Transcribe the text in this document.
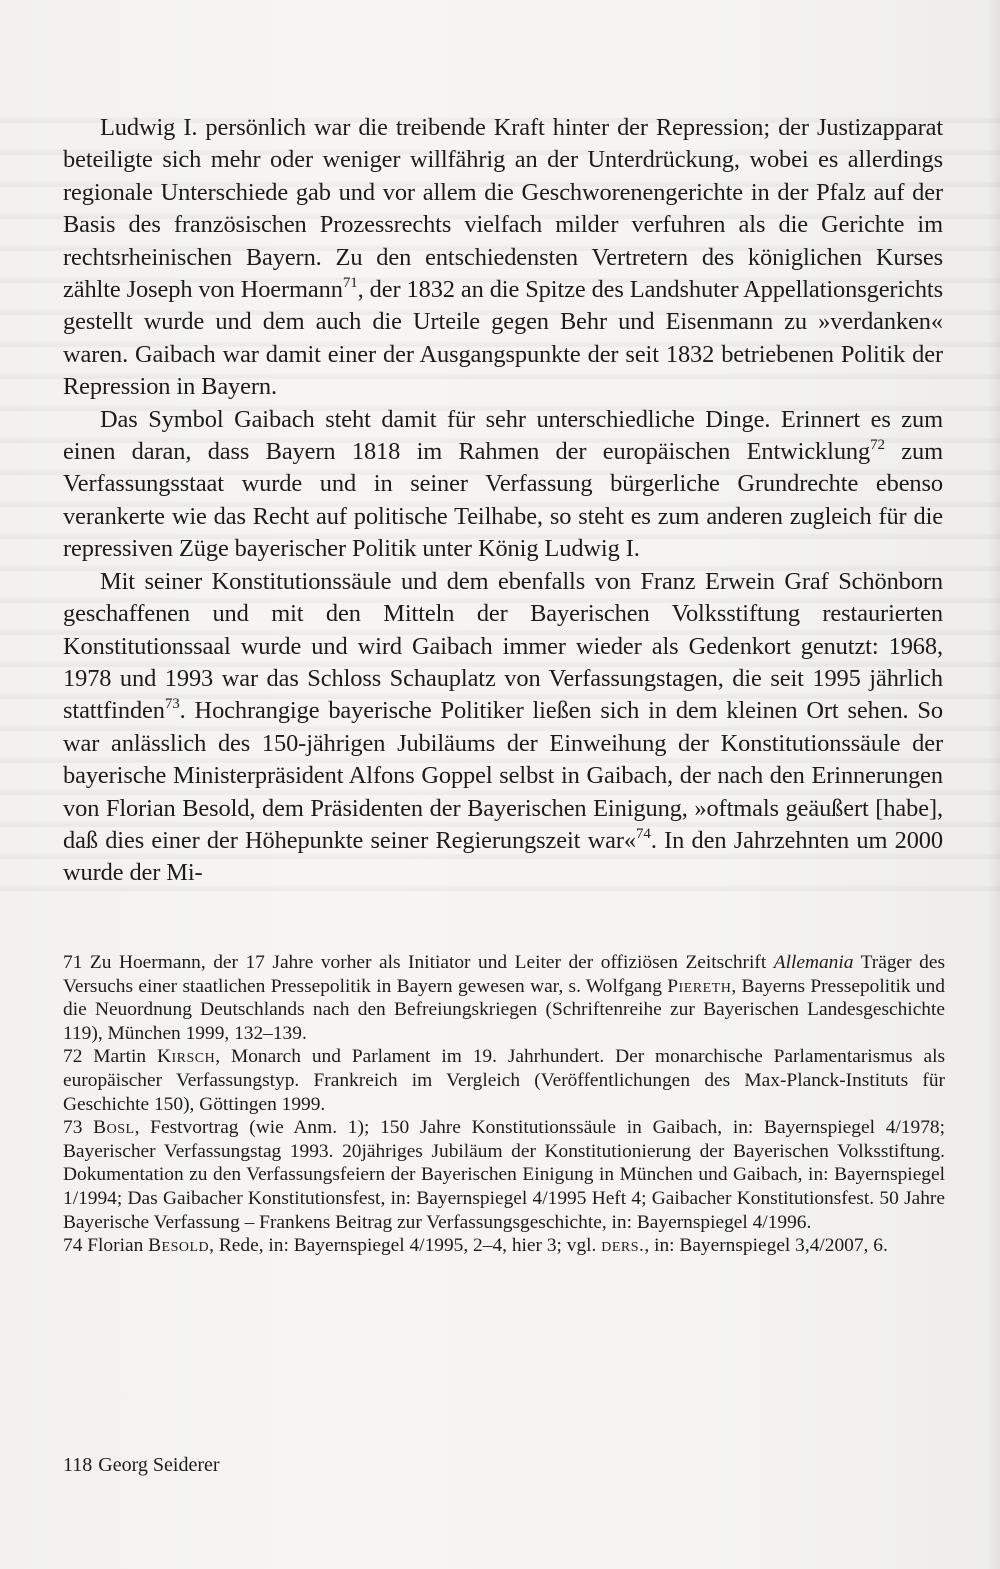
Ludwig I. persönlich war die treibende Kraft hinter der Repression; der Justizapparat beteiligte sich mehr oder weniger willfährig an der Unterdrückung, wobei es allerdings regionale Unterschiede gab und vor allem die Geschworenengerichte in der Pfalz auf der Basis des französischen Prozessrechts vielfach milder verfuhren als die Gerichte im rechtsrheinischen Bayern. Zu den entschiedensten Vertretern des königlichen Kurses zählte Joseph von Hoermann$^{71}$, der 1832 an die Spitze des Landshuter Appellationsgerichts gestellt wurde und dem auch die Urteile gegen Behr und Eisenmann zu »verdanken« waren. Gaibach war damit einer der Ausgangspunkte der seit 1832 betriebenen Politik der Repression in Bayern.

Das Symbol Gaibach steht damit für sehr unterschiedliche Dinge. Erinnert es zum einen daran, dass Bayern 1818 im Rahmen der europäischen Entwicklung$^{72}$ zum Verfassungsstaat wurde und in seiner Verfassung bürgerliche Grundrechte ebenso verankerte wie das Recht auf politische Teilhabe, so steht es zum anderen zugleich für die repressiven Züge bayerischer Politik unter König Ludwig I.

Mit seiner Konstitutionssäule und dem ebenfalls von Franz Erwein Graf Schönborn geschaffenen und mit den Mitteln der Bayerischen Volksstiftung restaurierten Konstitutionssaal wurde und wird Gaibach immer wieder als Gedenkort genutzt: 1968, 1978 und 1993 war das Schloss Schauplatz von Verfassungstagen, die seit 1995 jährlich stattfinden$^{73}$. Hochrangige bayerische Politiker ließen sich in dem kleinen Ort sehen. So war anlässlich des 150-jährigen Jubiläums der Einweihung der Konstitutionssäule der bayerische Ministerpräsident Alfons Goppel selbst in Gaibach, der nach den Erinnerungen von Florian Besold, dem Präsidenten der Bayerischen Einigung, »oftmals geäußert [habe], daß dies einer der Höhepunkte seiner Regierungszeit war«$^{74}$. In den Jahrzehnten um 2000 wurde der Mi-

71 Zu Hoermann, der 17 Jahre vorher als Initiator und Leiter der offiziösen Zeitschrift Allemania Träger des Versuchs einer staatlichen Pressepolitik in Bayern gewesen war, s. Wolfgang Piereth, Bayerns Pressepolitik und die Neuordnung Deutschlands nach den Befreiungskriegen (Schriftenreihe zur Bayerischen Landesgeschichte 119), München 1999, 132–139.

72 Martin Kirsch, Monarch und Parlament im 19. Jahrhundert. Der monarchische Parlamentarismus als europäischer Verfassungstyp. Frankreich im Vergleich (Veröffentlichungen des Max-Planck-Instituts für Geschichte 150), Göttingen 1999.

73 Bosl, Festvortrag (wie Anm. 1); 150 Jahre Konstitutionssäule in Gaibach, in: Bayernspiegel 4/1978; Bayerischer Verfassungstag 1993. 20jähriges Jubiläum der Konstitutionierung der Bayerischen Volksstiftung. Dokumentation zu den Verfassungsfeiern der Bayerischen Einigung in München und Gaibach, in: Bayernspiegel 1/1994; Das Gaibacher Konstitutionsfest, in: Bayernspiegel 4/1995 Heft 4; Gaibacher Konstitutionsfest. 50 Jahre Bayerische Verfassung – Frankens Beitrag zur Verfassungsgeschichte, in: Bayernspiegel 4/1996.

74 Florian Besold, Rede, in: Bayernspiegel 4/1995, 2–4, hier 3; vgl. ders., in: Bayernspiegel 3,4/2007, 6.

118 Georg Seiderer
